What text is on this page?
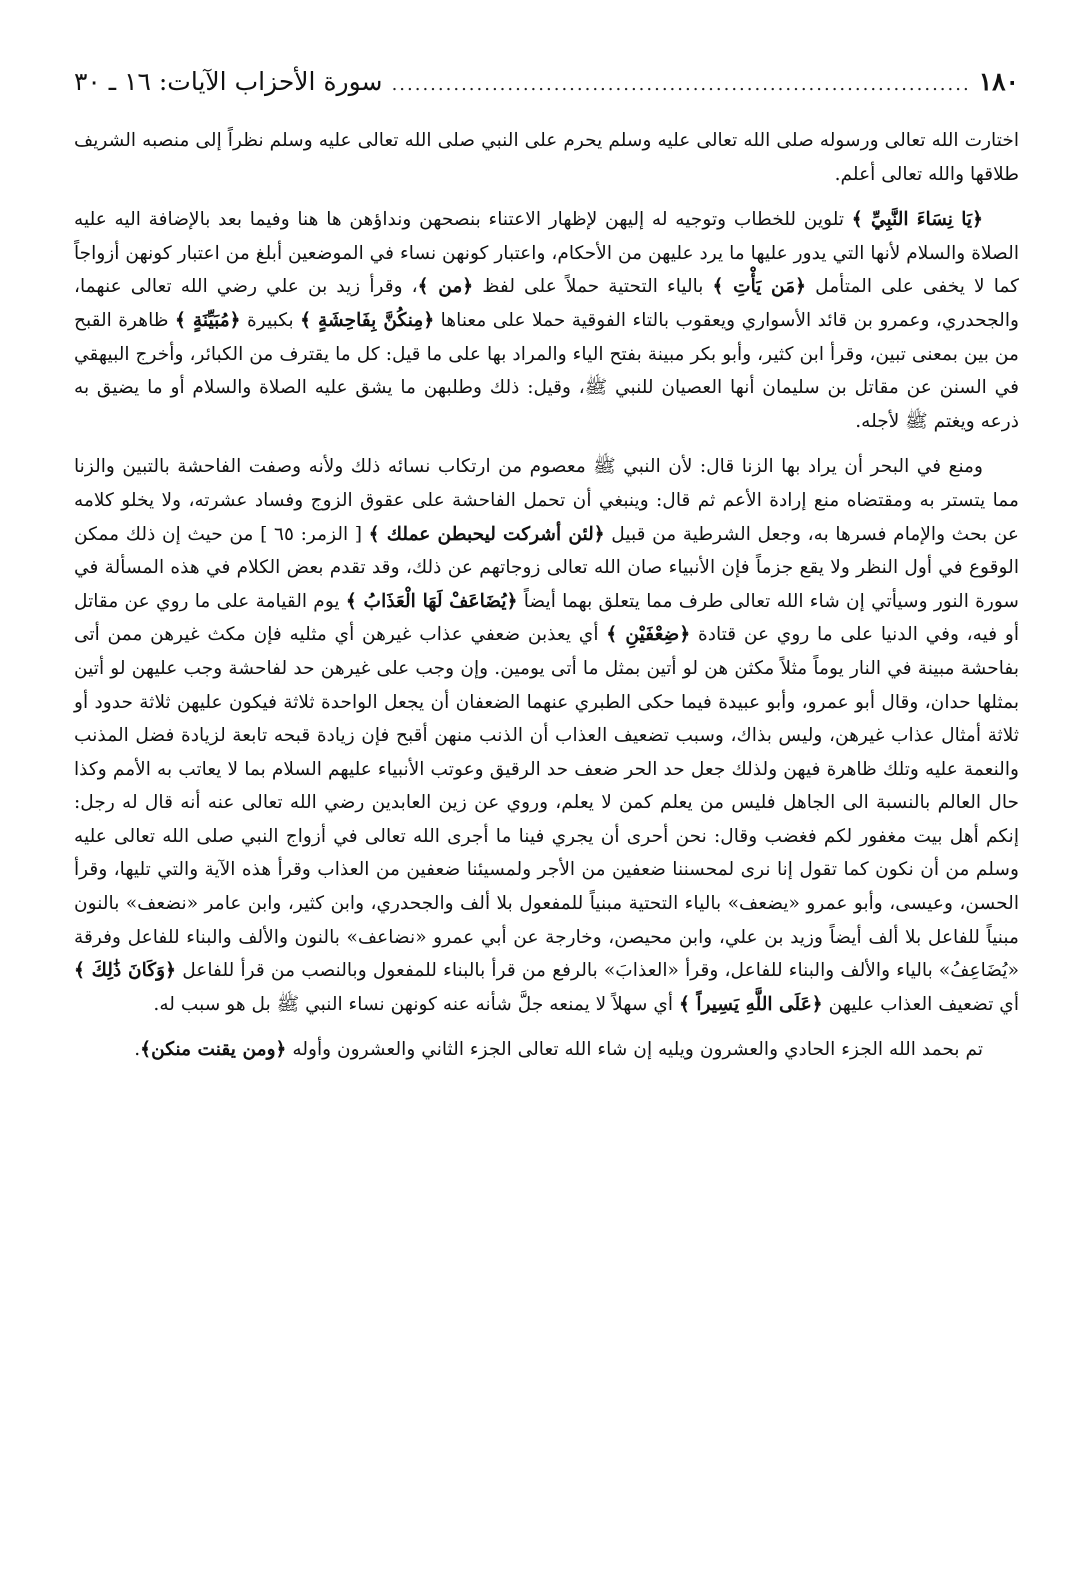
١٨٠
.....
سورة الأحزاب الآيات: ١٦ ـ ٣٠

اختارت الله تعالى ورسوله صلى الله تعالى عليه وسلم يحرم على النبي صلى الله تعالى عليه وسلم نظراً إلى منصبه الشريف طلاقها والله تعالى أعلم.

﴿يَا نِسَاءَ النَّبِيِّ ﴾ تلوين للخطاب وتوجيه له إليهن لإظهار الاعتناء بنصحهن ونداؤهن ها هنا وفيما بعد بالإضافة اليه عليه الصلاة والسلام لأنها التي يدور عليها ما يرد عليهن من الأحكام، واعتبار كونهن نساء في الموضعين أبلغ من اعتبار كونهن أزواجاً كما لا يخفى على المتأمل ﴿مَن يَأْتِ ﴾ بالياء التحتية حملاً على لفظ ﴿من ﴾، وقرأ زيد بن علي رضي الله تعالى عنهما، والجحدري، وعمرو بن قائد الأسواري ويعقوب بالتاء الفوقية حملا على معناها ﴿مِنكُنَّ بِفَاحِشَةٍ ﴾ بكبيرة ﴿مُبَيِّنَةٍ ﴾ ظاهرة القبح من بين بمعنى تبين، وقرأ ابن كثير، وأبو بكر مبينة بفتح الياء والمراد بها على ما قيل: كل ما يقترف من الكبائر، وأخرج البيهقي في السنن عن مقاتل بن سليمان أنها العصيان للنبي ﷺ، وقيل: ذلك وطلبهن ما يشق عليه الصلاة والسلام أو ما يضيق به ذرعه ويغتم ﷺ لأجله.

ومنع في البحر أن يراد بها الزنا قال: لأن النبي ﷺ معصوم من ارتكاب نسائه ذلك ولأنه وصفت الفاحشة بالتبين والزنا مما يتستر به ومقتضاه منع إرادة الأعم ثم قال: وينبغي أن تحمل الفاحشة على عقوق الزوج وفساد عشرته، ولا يخلو كلامه عن بحث والإمام فسرها به، وجعل الشرطية من قبيل ﴿لئن أشركت ليحبطن عملك ﴾ [ الزمر: ٦٥ ] من حيث إن ذلك ممكن الوقوع في أول النظر ولا يقع جزماً فإن الأنبياء صان الله تعالى زوجاتهم عن ذلك، وقد تقدم بعض الكلام في هذه المسألة في سورة النور وسيأتي إن شاء الله تعالى طرف مما يتعلق بهما أيضاً ﴿يُضَاعَفْ لَهَا الْعَذَابُ ﴾ يوم القيامة على ما روي عن مقاتل أو فيه، وفي الدنيا على ما روي عن قتادة ﴿ضِعْفَيْنِ ﴾ أي يعذبن ضعفي عذاب غيرهن أي مثليه فإن مكث غيرهن ممن أتى بفاحشة مبينة في النار يوماً مثلاً مكثن هن لو أتين بمثل ما أتى يومين. وإن وجب على غيرهن حد لفاحشة وجب عليهن لو أتين بمثلها حدان، وقال أبو عمرو، وأبو عبيدة فيما حكى الطبري عنهما الضعفان أن يجعل الواحدة ثلاثة فيكون عليهن ثلاثة حدود أو ثلاثة أمثال عذاب غيرهن، وليس بذاك، وسبب تضعيف العذاب أن الذنب منهن أقبح فإن زيادة قبحه تابعة لزيادة فضل المذنب والنعمة عليه وتلك ظاهرة فيهن ولذلك جعل حد الحر ضعف حد الرقيق وعوتب الأنبياء عليهم السلام بما لا يعاتب به الأمم وكذا حال العالم بالنسبة الى الجاهل فليس من يعلم كمن لا يعلم، وروي عن زين العابدين رضي الله تعالى عنه أنه قال له رجل: إنكم أهل بيت مغفور لكم فغضب وقال: نحن أحرى أن يجري فينا ما أجرى الله تعالى في أزواج النبي صلى الله تعالى عليه وسلم من أن نكون كما تقول إنا نرى لمحسننا ضعفين من الأجر ولمسيئنا ضعفين من العذاب وقرأ هذه الآية والتي تليها، وقرأ الحسن، وعيسى، وأبو عمرو «يضعف» بالياء التحتية مبنياً للمفعول بلا ألف والجحدري، وابن كثير، وابن عامر «نضعف» بالنون مبنياً للفاعل بلا ألف أيضاً وزيد بن علي، وابن محيصن، وخارجة عن أبي عمرو «نضاعف» بالنون والألف والبناء للفاعل وفرقة «يُضَاعِفُ» بالياء والألف والبناء للفاعل، وقرأ «العذابَ» بالرفع من قرأ بالبناء للمفعول وبالنصب من قرأ للفاعل ﴿وَكَانَ ذَٰلِكَ ﴾ أي تضعيف العذاب عليهن ﴿عَلَى اللَّهِ يَسِيراً ﴾ أي سهلاً لا يمنعه جلَّ شأنه عنه كونهن نساء النبي ﷺ بل هو سبب له.

تم بحمد الله الجزء الحادي والعشرون ويليه إن شاء الله تعالى الجزء الثاني والعشرون وأوله ﴿ومن يقنت منكن﴾.
